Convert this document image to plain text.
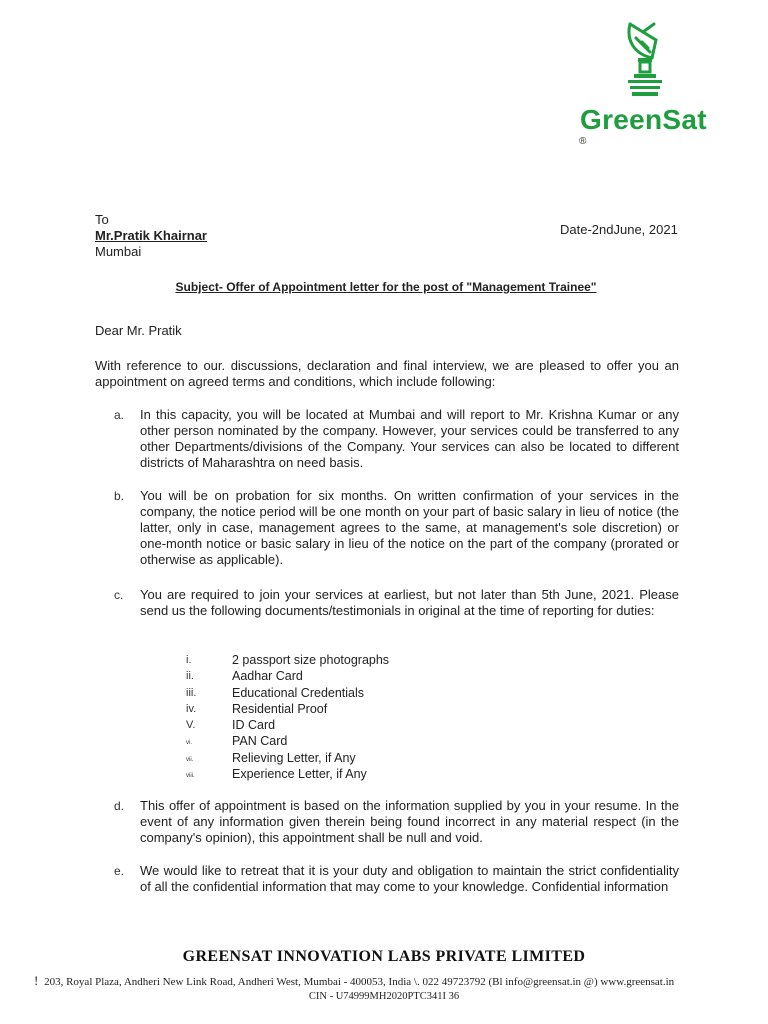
GreenSat
®
To
Mr.Pratik Khairnar
Mumbai
Date-2ndJune, 2021
Subject- Offer of Appointment letter for the post of "Management Trainee"
Dear Mr. Pratik
With reference to our. discussions, declaration and final interview, we are pleased to offer you an appointment on agreed terms and conditions, which include following:
a.	In this capacity, you will be located at Mumbai and will report to Mr. Krishna Kumar or any other person nominated by the company. However, your services could be transferred to any other Departments/divisions of the Company. Your services can also be located to different districts of Maharashtra on need basis.
b.	You will be on probation for six months. On written confirmation of your services in the company, the notice period will be one month on your part of basic salary in lieu of notice (the latter, only in case, management agrees to the same, at management's sole discretion) or one-month notice or basic salary in lieu of the notice on the part of the company (prorated or otherwise as applicable).
c.	You are required to join your services at earliest, but not later than 5th June, 2021. Please send us the following documents/testimonials in original at the time of reporting for duties:
i.	2 passport size photographs
ii.	Aadhar Card
iii.	Educational Credentials
iv.	Residential Proof
V.	ID Card
vi.	PAN Card
vii.	Relieving Letter, if Any
viii.	Experience Letter, if Any
d.	This offer of appointment is based on the information supplied by you in your resume. In the event of any information given therein being found incorrect in any material respect (in the company's opinion), this appointment shall be null and void.
e.	We would like to retreat that it is your duty and obligation to maintain the strict confidentiality of all the confidential information that may come to your knowledge. Confidential information
GREENSAT INNOVATION LABS PRIVATE LIMITED
! 203, Royal Plaza, Andheri New Link Road, Andheri West, Mumbai - 400053, India \. 022 49723792 (Bl info@greensat.in @) www.greensat.in
CIN - U74999MH2020PTC341I 36
